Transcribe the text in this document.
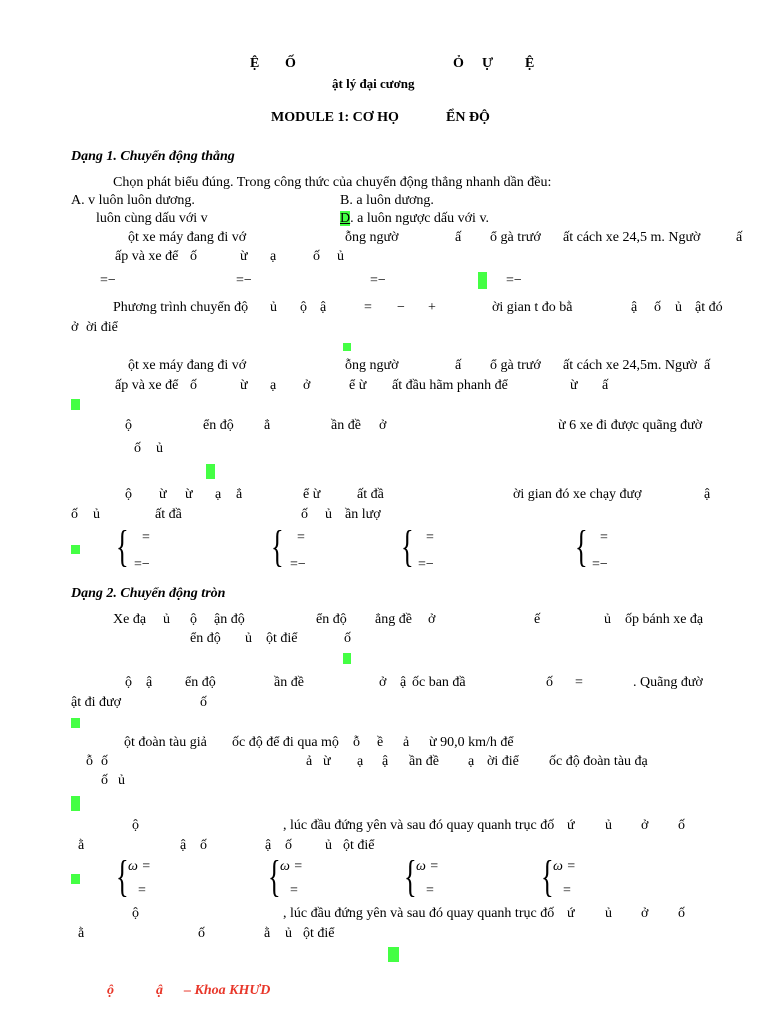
Ệ Ố	Ỏ Ự Ệ
ật lý đại cương
MODULE 1: CƠ HỌ	ỂN ĐỘ
Dạng 1. Chuyển động thẳng
Chọn phát biểu đúng. Trong công thức của chuyển động thẳng nhanh dần đều:
A. v luôn luôn dương.	B. a luôn dương.
luôn cùng dấu với v	D. a luôn ngược dấu với v.
ột xe máy đang đi vớ	ỗng ngườ	ấ ổ gà trướ ất cách xe 24,5 m. Ngườ	ấ
ấp và xe để ố	ừ ạ	ố ủ
=−	=−	=−	=−
Phương trình chuyển độ ủ ộ ậ	= − +	ời gian t đo bằ	ậ ố ủ ật đó
ở ời điể
ột xe máy đang đi vớ	ỗng ngườ	ấ ổ gà trướ ất cách xe 24,5m. Ngườ ấ
ấp và xe để ố	ừ ạ ở	ể ừ ất đầu hãm phanh để	ừ ấ
ộ	ển độ ẳ	ần đề ở	ừ 6 xe đi được quãng đườ
ố ủ
ộ ừ ừ ạ ẳ	ể ừ	ất đầ	ời gian đó xe chạy đượ	ậ
ố ủ	ất đầ	ố ủ ần lượ
{ =
=−	{ =
=− { =
=−	{ =
=−
Dạng 2. Chuyển động tròn
Xe đạ ủ ộ ận độ	ển độ ẳng đề ở	ế	ủ ốp bánh xe đạ
ển độ ủ ột điể	ố
ộ ậ ển độ	ần đề	ở ậ ốc ban đầ	ố =	. Quãng đườ
ật đi đượ	ố
ột đoàn tàu giả ốc độ để đi qua mộ ỗ ề ả ừ 90,0 km/h để
ỗ ố	ả ừ ạ ậ ần đề ạ ời điể ốc độ đoàn tàu đạ
ố ủ
ộ	, lúc đầu đứng yên và sau đó quay quanh trục đố ứ ủ ở ố
ằ	ậ ố	ậ ố ủ ột điể
{ ω =
=	{ ω =
= { ω =
= { ω =
=
ộ	, lúc đầu đứng yên và sau đó quay quanh trục đố ứ ủ ở ố
ằ	ố	ằ ủ ột điể
ộ	ậ – Khoa KHƯD
